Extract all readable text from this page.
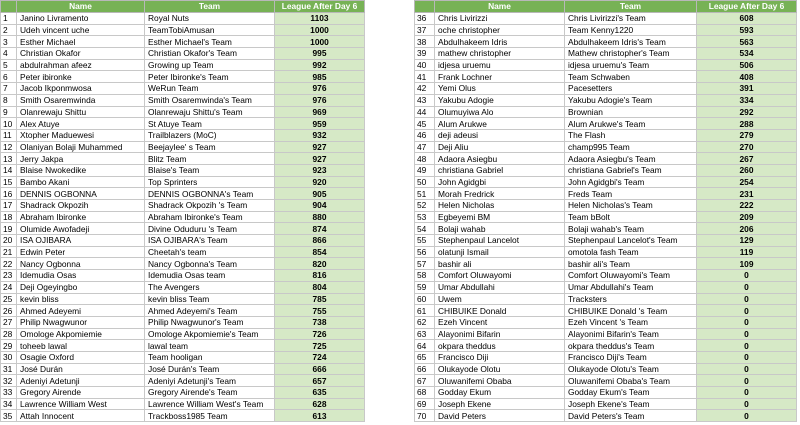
	Name	Team	League After Day 6
1	Janino Livramento	Royal Nuts	1103
2	Udeh vincent uche	TeamTobiAmusan	1000
3	Esther Michael	Esther Michael's Team	1000
4	Christian Okafor	Christian Okafor's Team	995
5	abdulrahman afeez	Growing up Team	992
6	Peter ibironke	Peter Ibironke's Team	985
7	Jacob Ikponmwosa	WeRun Team	976
8	Smith Osaremwinda	Smith Osaremwinda's Team	976
9	Olanrewaju Shittu	Olanrewaju Shittu's Team	969
10	Alex Atuye	St Atuye Team	959
11	Xtopher Maduewesi	Trailblazers (MoC)	932
12	Olaniyan Bolaji Muhammed	Beejaylee' s Team	927
13	Jerry Jakpa	Blitz Team	927
14	Blaise Nwokedike	Blaise's Team	923
15	Bambo Akani	Top Sprinters	920
16	DENNIS OGBONNA	DENNIS OGBONNA's Team	905
17	Shadrack Okpozih	Shadrack Okpozih 's Team	904
18	Abraham Ibironke	Abraham Ibironke's Team	880
19	Olumide Awofadeji	Divine Oduduru 's Team	874
20	ISA OJIBARA	ISA OJIBARA's Team	866
21	Edwin Peter	Cheetah's team	854
22	Nancy Ogbonna	Nancy Ogbonna's Team	820
23	Idemudia Osas	Idemudia Osas team	816
24	Deji Ogeyingbo	The Avengers	804
25	kevin bliss	kevin bliss Team	785
26	Ahmed Adeyemi	Ahmed Adeyemi's Team	755
27	Philip Nwagwunor	Philip Nwagwunor's Team	738
28	Omologe Akpomiemie	Omologe Akpomiemie's Team	726
29	toheeb lawal	lawal team	725
30	Osagie Oxford	Team hooligan	724
31	José Durán	José Durán's Team	666
32	Adeniyi Adetunji	Adeniyi Adetunji's Team	657
33	Gregory Airende	Gregory Airende's Team	635
34	Lawrence William West	Lawrence William West's Team	628
35	Attah Innocent	Trackboss1985 Team	613
	Name	Team	League After Day 6
36	Chris Livirizzi	Chris Livirizzi's Team	608
37	oche christopher	Team Kenny1220	593
38	Abdulhakeem Idris	Abdulhakeem Idris's Team	563
39	mathew christopher	Mathew christopher's Team	534
40	idjesa uruemu	idjesa uruemu's Team	506
41	Frank Lochner	Team Schwaben	408
42	Yemi Olus	Pacesetters	391
43	Yakubu Adogie	Yakubu Adogie's Team	334
44	Olumuyiwa Alo	Brownian	292
45	Alum Arukwe	Alum Arukwe's Team	288
46	deji adeusi	The Flash	279
47	Deji Aliu	champ995 Team	270
48	Adaora Asiegbu	Adaora Asiegbu's Team	267
49	christiana Gabriel	christiana Gabriel's Team	260
50	John Agidgbi	John Agidgbi's Team	254
51	Morah Fredrick	Freds Team	231
52	Helen Nicholas	Helen Nicholas's Team	222
53	Egbeyemi BM	Team bBolt	209
54	Bolaji wahab	Bolaji wahab's Team	206
55	Stephenpaul Lancelot	Stephenpaul Lancelot's Team	129
56	olatunji Ismail	omotola fash Team	119
57	bashir ali	bashir ali's Team	109
58	Comfort Oluwayomi	Comfort Oluwayomi's Team	0
59	Umar Abdullahi	Umar Abdullahi's Team	0
60	Uwem	Tracksters	0
61	CHIBUIKE Donald	CHIBUIKE Donald 's Team	0
62	Ezeh Vincent	Ezeh Vincent 's Team	0
63	Alayonimi Bifarin	Alayonimi Bifarin's Team	0
64	okpara theddus	okpara theddus's Team	0
65	Francisco Diji	Francisco Diji's Team	0
66	Olukayode Olotu	Olukayode Olotu's Team	0
67	Oluwanifemi Obaba	Oluwanifemi Obaba's Team	0
68	Godday Ekum	Godday Ekum's Team	0
69	Joseph Ekene	Joseph Ekene's Team	0
70	David Peters	David Peters's Team	0
